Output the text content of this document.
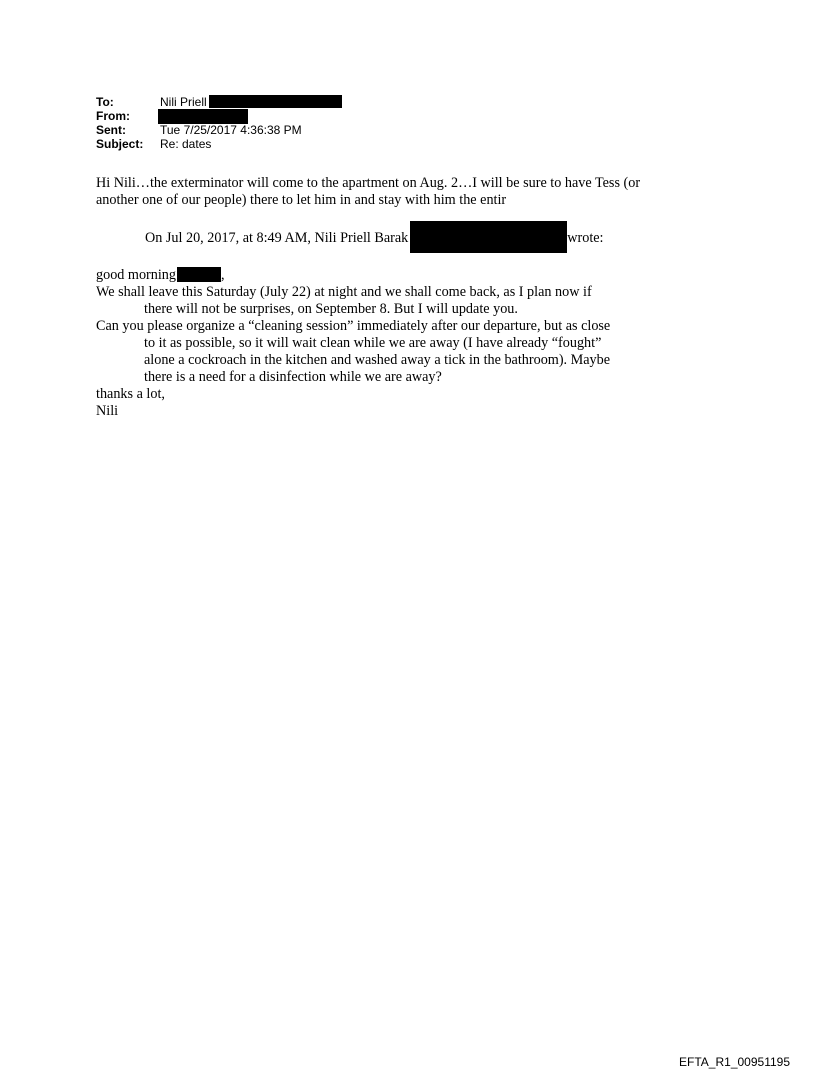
To:	Nili Priell
From:
Sent:	Tue 7/25/2017 4:36:38 PM
Subject: Re: dates
Hi Nili…the exterminator will come to the apartment on Aug. 2…I will be sure to have Tess (or
another one of our people) there to let him in and stay with him the entir
On Jul 20, 2017, at 8:49 AM, Nili Priell Barak	wrote:
good morning	,
We shall leave this Saturday (July 22) at night and we shall come back, as I plan now if
there will not be surprises, on September 8. But I will update you.
Can you please organize a “cleaning session” immediately after our departure, but as close
to it as possible, so it will wait clean while we are away (I have already “fought”
alone a cockroach in the kitchen and washed away a tick in the bathroom). Maybe
there is a need for a disinfection while we are away?
thanks a lot,
Nili
EFTA_R1_00951195
